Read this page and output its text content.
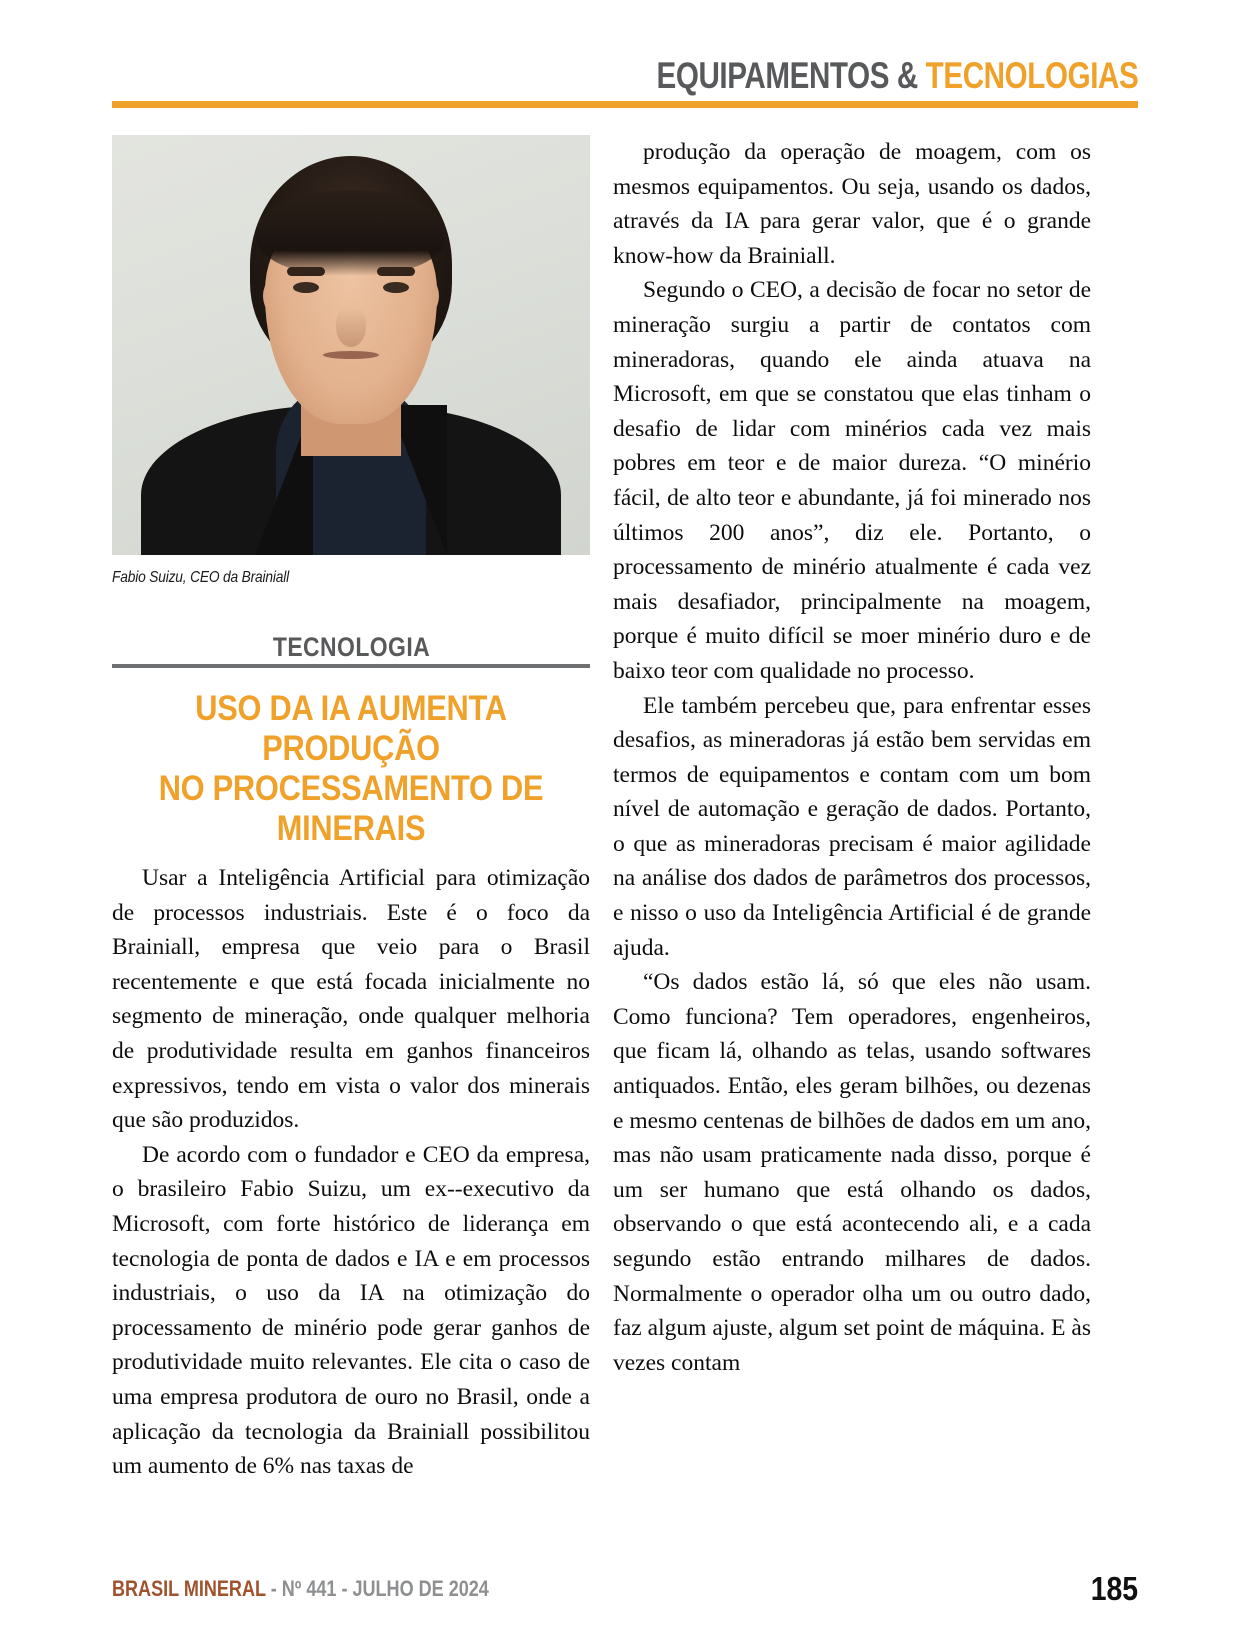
EQUIPAMENTOS & TECNOLOGIAS
Fabio Suizu, CEO da Brainiall
TECNOLOGIA
USO DA IA AUMENTA PRODUÇÃO
NO PROCESSAMENTO DE MINERAIS

Usar a Inteligência Artificial para otimização de processos industriais. Este é o foco da Brainiall, empresa que veio para o Brasil recentemente e que está focada inicialmente no segmento de mineração, onde qualquer melhoria de produtividade resulta em ganhos financeiros expressivos, tendo em vista o valor dos minerais que são produzidos.

De acordo com o fundador e CEO da empresa, o brasileiro Fabio Suizu, um ex--executivo da Microsoft, com forte histórico de liderança em tecnologia de ponta de dados e IA e em processos industriais, o uso da IA na otimização do processamento de minério pode gerar ganhos de produtividade muito relevantes. Ele cita o caso de uma empresa produtora de ouro no Brasil, onde a aplicação da tecnologia da Brainiall possibilitou um aumento de 6% nas taxas de

produção da operação de moagem, com os mesmos equipamentos. Ou seja, usando os dados, através da IA para gerar valor, que é o grande know-how da Brainiall.

Segundo o CEO, a decisão de focar no setor de mineração surgiu a partir de contatos com mineradoras, quando ele ainda atuava na Microsoft, em que se constatou que elas tinham o desafio de lidar com minérios cada vez mais pobres em teor e de maior dureza. “O minério fácil, de alto teor e abundante, já foi minerado nos últimos 200 anos”, diz ele. Portanto, o processamento de minério atualmente é cada vez mais desafiador, principalmente na moagem, porque é muito difícil se moer minério duro e de baixo teor com qualidade no processo.

Ele também percebeu que, para enfrentar esses desafios, as mineradoras já estão bem servidas em termos de equipamentos e contam com um bom nível de automação e geração de dados. Portanto, o que as mineradoras precisam é maior agilidade na análise dos dados de parâmetros dos processos, e nisso o uso da Inteligência Artificial é de grande ajuda.

“Os dados estão lá, só que eles não usam. Como funciona? Tem operadores, engenheiros, que ficam lá, olhando as telas, usando softwares antiquados. Então, eles geram bilhões, ou dezenas e mesmo centenas de bilhões de dados em um ano, mas não usam praticamente nada disso, porque é um ser humano que está olhando os dados, observando o que está acontecendo ali, e a cada segundo estão entrando milhares de dados. Normalmente o operador olha um ou outro dado, faz algum ajuste, algum set point de máquina. E às vezes contam

BRASIL MINERAL - Nº 441 - JULHO DE 2024	185
